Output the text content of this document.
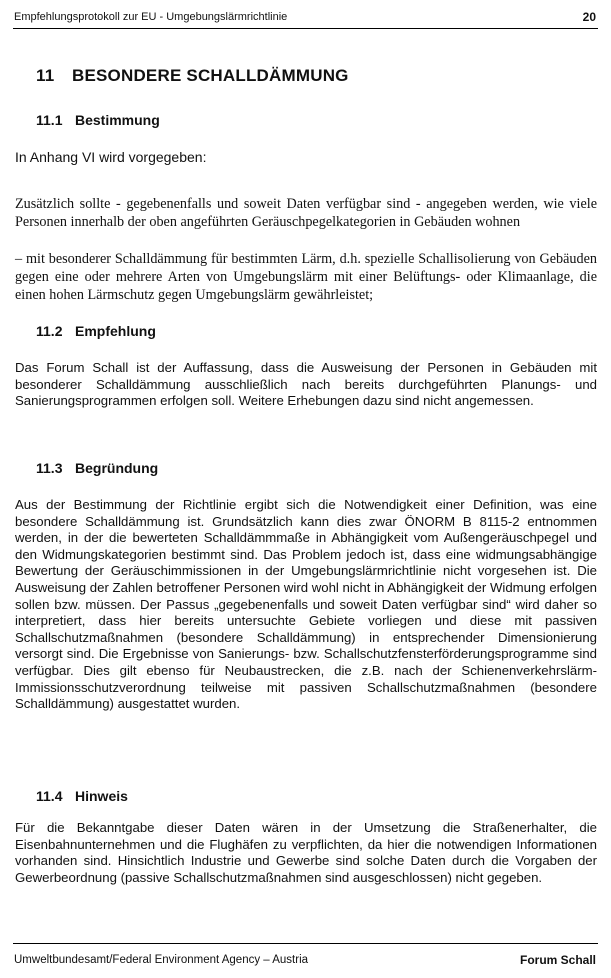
Empfehlungsprotokoll zur EU - Umgebungslärmrichtlinie	20
11 BESONDERE SCHALLDÄMMUNG
11.1 Bestimmung
In Anhang VI wird vorgegeben:
Zusätzlich sollte - gegebenenfalls und soweit Daten verfügbar sind - angegeben werden, wie viele Personen innerhalb der oben angeführten Geräuschpegelkategorien in Gebäuden wohnen
– mit besonderer Schalldämmung für bestimmten Lärm, d.h. spezielle Schallisolierung von Gebäuden gegen eine oder mehrere Arten von Umgebungslärm mit einer Belüftungs- oder Klimaanlage, die einen hohen Lärmschutz gegen Umgebungslärm gewährleistet;
11.2 Empfehlung
Das Forum Schall ist der Auffassung, dass die Ausweisung der Personen in Gebäuden mit besonderer Schalldämmung ausschließlich nach bereits durchgeführten Planungs- und Sanierungsprogrammen erfolgen soll. Weitere Erhebungen dazu sind nicht angemessen.
11.3 Begründung
Aus der Bestimmung der Richtlinie ergibt sich die Notwendigkeit einer Definition, was eine besondere Schalldämmung ist. Grundsätzlich kann dies zwar ÖNORM B 8115-2 entnommen werden, in der die bewerteten Schalldämmmaße in Abhängigkeit vom Außengeräuschpegel und den Widmungskategorien bestimmt sind. Das Problem jedoch ist, dass eine widmungsabhängige Bewertung der Geräuschimmissionen in der Umgebungslärmrichtlinie nicht vorgesehen ist. Die Ausweisung der Zahlen betroffener Personen wird wohl nicht in Abhängigkeit der Widmung erfolgen sollen bzw. müssen. Der Passus „gegebenenfalls und soweit Daten verfügbar sind“ wird daher so interpretiert, dass hier bereits untersuchte Gebiete vorliegen und diese mit passiven Schallschutzmaßnahmen (besondere Schalldämmung) in entsprechender Dimensionierung versorgt sind. Die Ergebnisse von Sanierungs- bzw. Schallschutzfensterförderungsprogramme sind verfügbar. Dies gilt ebenso für Neubaustrecken, die z.B. nach der Schienenverkehrslärm-Immissionsschutzverordnung teilweise mit passiven Schallschutzmaßnahmen (besondere Schalldämmung) ausgestattet wurden.
11.4 Hinweis
Für die Bekanntgabe dieser Daten wären in der Umsetzung die Straßenerhalter, die Eisenbahnunternehmen und die Flughäfen zu verpflichten, da hier die notwendigen Informationen vorhanden sind. Hinsichtlich Industrie und Gewerbe sind solche Daten durch die Vorgaben der Gewerbeordnung (passive Schallschutzmaßnahmen sind ausgeschlossen) nicht gegeben.
Umweltbundesamt/Federal Environment Agency – Austria	Forum Schall
